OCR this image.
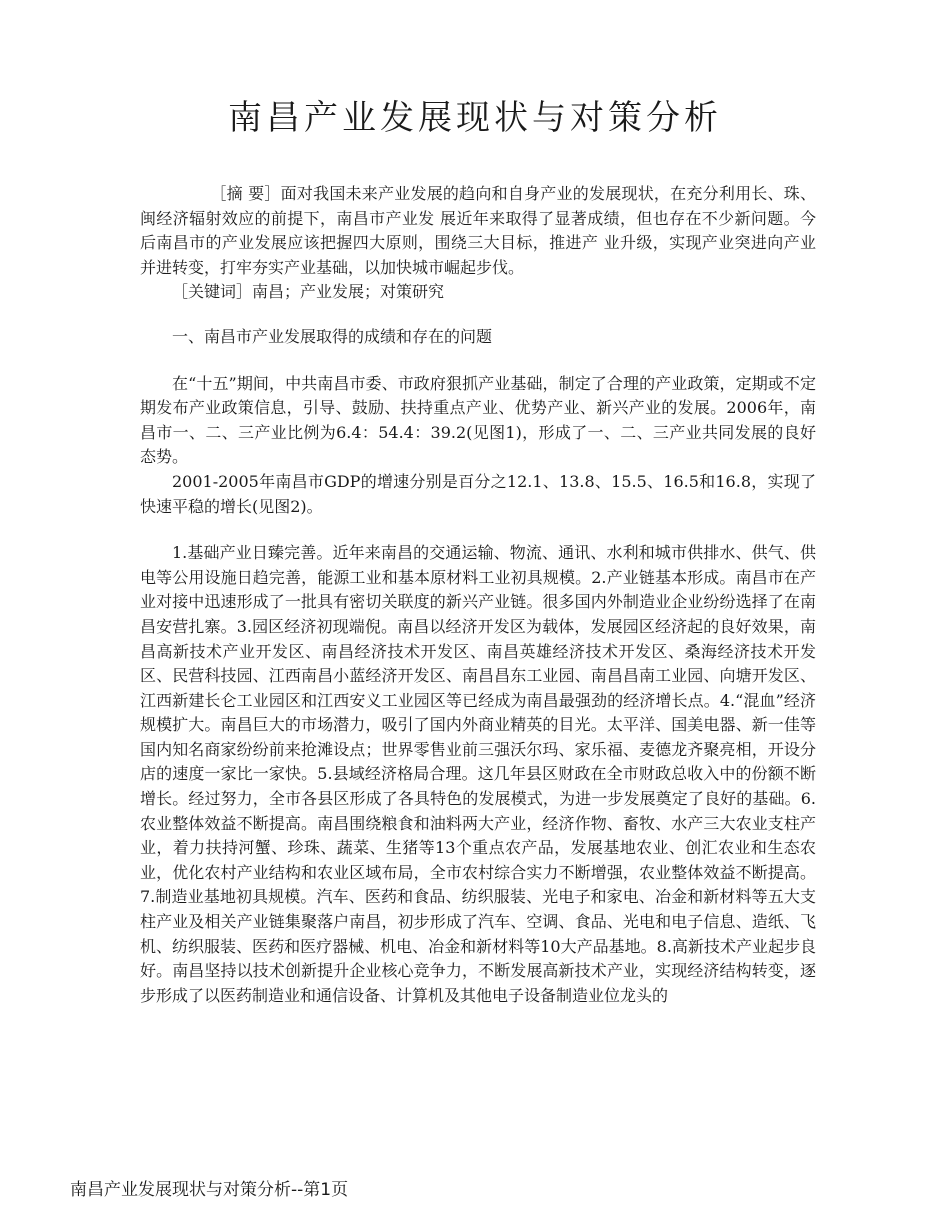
南昌产业发展现状与对策分析

［摘 要］面对我国未来产业发展的趋向和自身产业的发展现状，在充分利用长、珠、闽经济辐射效应的前提下，南昌市产业发 展近年来取得了显著成绩，但也存在不少新问题。今后南昌市的产业发展应该把握四大原则，围绕三大目标，推进产 业升级，实现产业突进向产业并进转变，打牢夯实产业基础，以加快城市崛起步伐。

［关键词］南昌；产业发展；对策研究

一、南昌市产业发展取得的成绩和存在的问题

在“十五”期间，中共南昌市委、市政府狠抓产业基础，制定了合理的产业政策，定期或不定期发布产业政策信息，引导、鼓励、扶持重点产业、优势产业、新兴产业的发展。2006年，南昌市一、二、三产业比例为6.4：54.4：39.2(见图1)，形成了一、二、三产业共同发展的良好态势。

2001-2005年南昌市GDP的增速分别是百分之12.1、13.8、15.5、16.5和16.8，实现了快速平稳的增长(见图2)。

1.基础产业日臻完善。近年来南昌的交通运输、物流、通讯、水利和城市供排水、供气、供电等公用设施日趋完善，能源工业和基本原材料工业初具规模。2.产业链基本形成。南昌市在产业对接中迅速形成了一批具有密切关联度的新兴产业链。很多国内外制造业企业纷纷选择了在南昌安营扎寨。3.园区经济初现端倪。南昌以经济开发区为载体，发展园区经济起的良好效果，南昌高新技术产业开发区、南昌经济技术开发区、南昌英雄经济技术开发区、桑海经济技术开发区、民营科技园、江西南昌小蓝经济开发区、南昌昌东工业园、南昌昌南工业园、向塘开发区、江西新建长仑工业园区和江西安义工业园区等已经成为南昌最强劲的经济增长点。4.“混血”经济规模扩大。南昌巨大的市场潜力，吸引了国内外商业精英的目光。太平洋、国美电器、新一佳等国内知名商家纷纷前来抢滩设点；世界零售业前三强沃尔玛、家乐福、麦德龙齐聚亮相，开设分店的速度一家比一家快。5.县域经济格局合理。这几年县区财政在全市财政总收入中的份额不断增长。经过努力，全市各县区形成了各具特色的发展模式，为进一步发展奠定了良好的基础。6.农业整体效益不断提高。南昌围绕粮食和油料两大产业，经济作物、畜牧、水产三大农业支柱产业，着力扶持河蟹、珍珠、蔬菜、生猪等13个重点农产品，发展基地农业、创汇农业和生态农业，优化农村产业结构和农业区域布局，全市农村综合实力不断增强，农业整体效益不断提高。7.制造业基地初具规模。汽车、医药和食品、纺织服装、光电子和家电、冶金和新材料等五大支柱产业及相关产业链集聚落户南昌，初步形成了汽车、空调、食品、光电和电子信息、造纸、飞机、纺织服装、医药和医疗器械、机电、冶金和新材料等10大产品基地。8.高新技术产业起步良好。南昌坚持以技术创新提升企业核心竞争力，不断发展高新技术产业，实现经济结构转变，逐步形成了以医药制造业和通信设备、计算机及其他电子设备制造业位龙头的

南昌产业发展现状与对策分析--第1页
